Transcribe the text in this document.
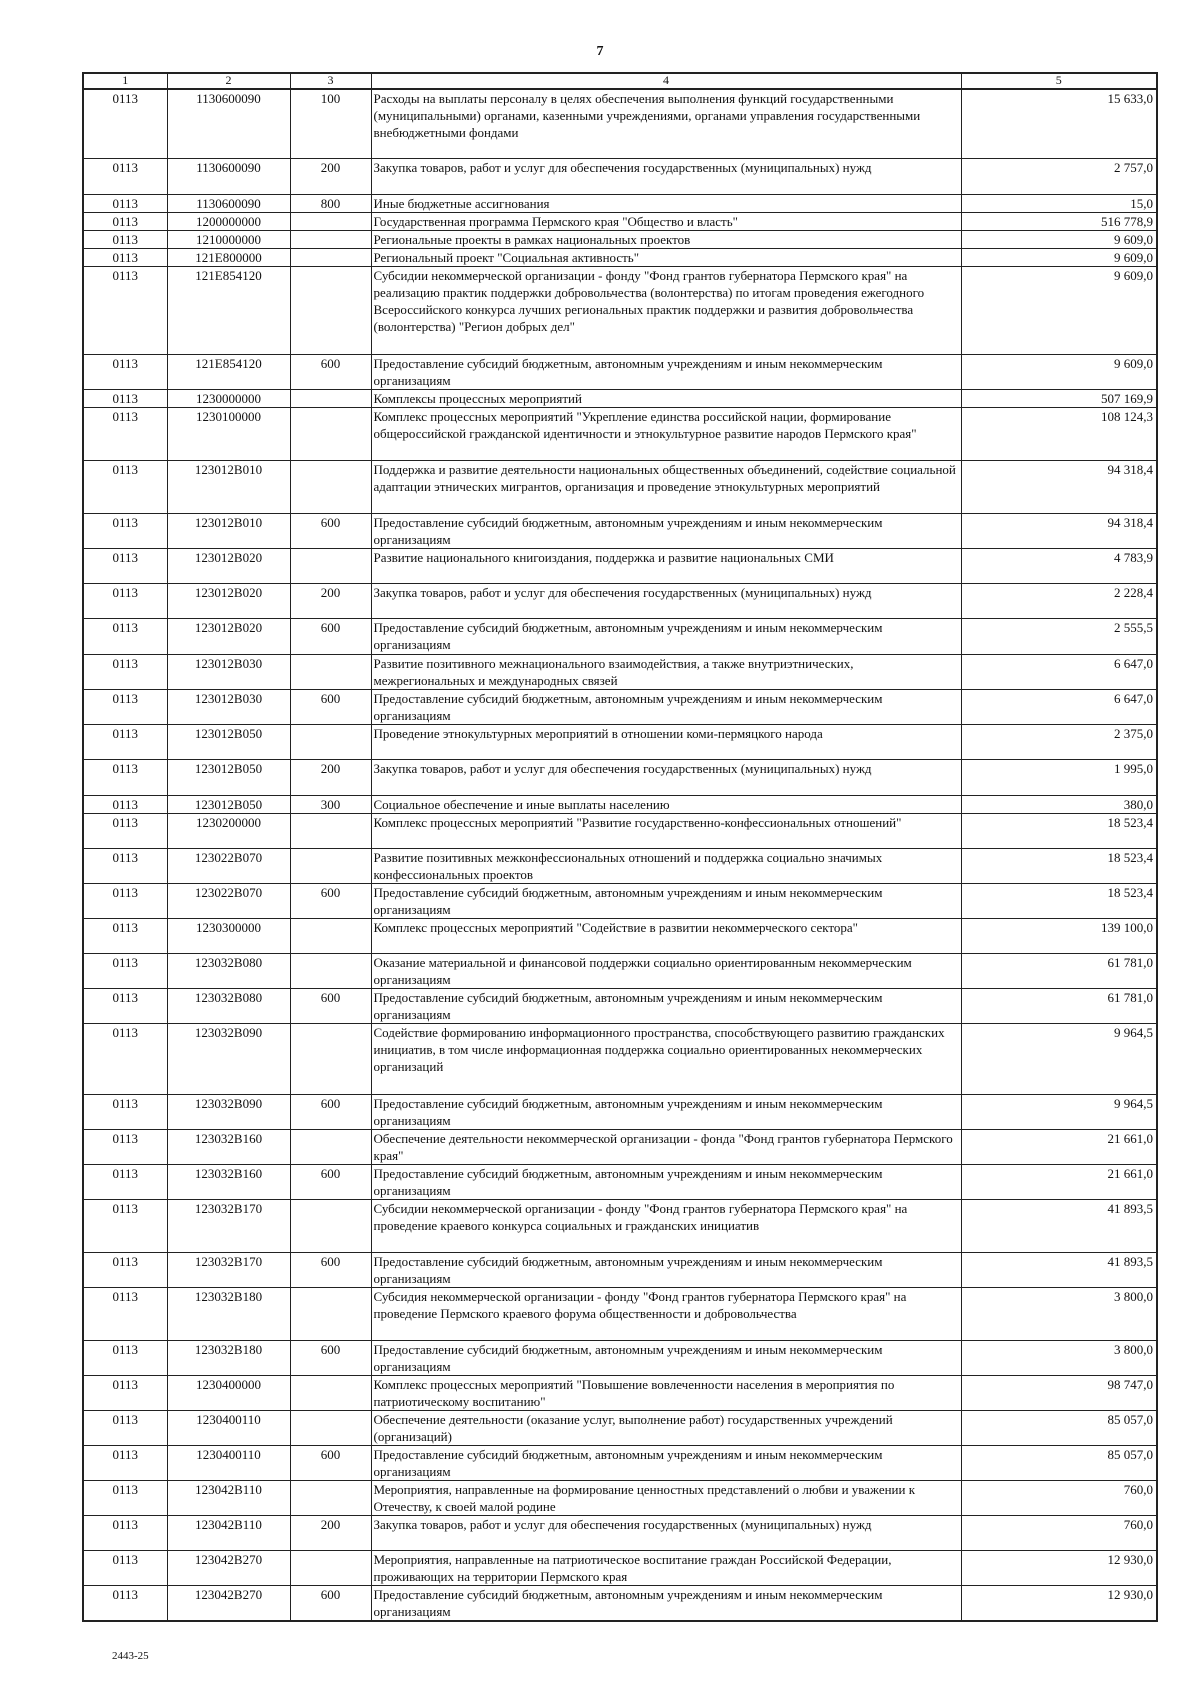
7
1	2	3	4	5
0113	1130600090	100	Расходы на выплаты персоналу в целях обеспечения выполнения функций государственными (муниципальными) органами, казенными учреждениями, органами управления государственными внебюджетными фондами	15 633,0
0113	1130600090	200	Закупка товаров, работ и услуг для обеспечения государственных (муниципальных) нужд	2 757,0
0113	1130600090	800	Иные бюджетные ассигнования	15,0
0113	1200000000		Государственная программа Пермского края "Общество и власть"	516 778,9
0113	1210000000		Региональные проекты в рамках национальных проектов	9 609,0
0113	121E800000		Региональный проект "Социальная активность"	9 609,0
0113	121E854120		Субсидии некоммерческой организации - фонду "Фонд грантов губернатора Пермского края" на реализацию практик поддержки добровольчества (волонтерства) по итогам проведения ежегодного Всероссийского конкурса лучших региональных практик поддержки и развития добровольчества (волонтерства) "Регион добрых дел"	9 609,0
0113	121E854120	600	Предоставление субсидий бюджетным, автономным учреждениям и иным некоммерческим организациям	9 609,0
0113	1230000000		Комплексы процессных мероприятий	507 169,9
0113	1230100000		Комплекс процессных мероприятий "Укрепление единства российской нации, формирование общероссийской гражданской идентичности и этнокультурное развитие народов Пермского края"	108 124,3
0113	123012В010		Поддержка и развитие деятельности национальных общественных объединений, содействие социальной адаптации этнических мигрантов, организация и проведение этнокультурных мероприятий	94 318,4
0113	123012В010	600	Предоставление субсидий бюджетным, автономным учреждениям и иным некоммерческим организациям	94 318,4
0113	123012В020		Развитие национального книгоиздания, поддержка и развитие национальных СМИ	4 783,9
0113	123012В020	200	Закупка товаров, работ и услуг для обеспечения государственных (муниципальных) нужд	2 228,4
0113	123012В020	600	Предоставление субсидий бюджетным, автономным учреждениям и иным некоммерческим организациям	2 555,5
0113	123012В030		Развитие позитивного межнационального взаимодействия, а также внутриэтнических, межрегиональных и международных связей	6 647,0
0113	123012В030	600	Предоставление субсидий бюджетным, автономным учреждениям и иным некоммерческим организациям	6 647,0
0113	123012В050		Проведение этнокультурных мероприятий в отношении коми-пермяцкого народа	2 375,0
0113	123012В050	200	Закупка товаров, работ и услуг для обеспечения государственных (муниципальных) нужд	1 995,0
0113	123012В050	300	Социальное обеспечение и иные выплаты населению	380,0
0113	1230200000		Комплекс процессных мероприятий "Развитие государственно-конфессиональных отношений"	18 523,4
0113	123022В070		Развитие позитивных межконфессиональных отношений и поддержка социально значимых конфессиональных проектов	18 523,4
0113	123022В070	600	Предоставление субсидий бюджетным, автономным учреждениям и иным некоммерческим организациям	18 523,4
0113	1230300000		Комплекс процессных мероприятий "Содействие в развитии некоммерческого сектора"	139 100,0
0113	123032В080		Оказание материальной и финансовой поддержки социально ориентированным некоммерческим организациям	61 781,0
0113	123032В080	600	Предоставление субсидий бюджетным, автономным учреждениям и иным некоммерческим организациям	61 781,0
0113	123032В090		Содействие формированию информационного пространства, способствующего развитию гражданских инициатив, в том числе информационная поддержка социально ориентированных некоммерческих организаций	9 964,5
0113	123032В090	600	Предоставление субсидий бюджетным, автономным учреждениям и иным некоммерческим организациям	9 964,5
0113	123032В160		Обеспечение деятельности некоммерческой организации - фонда "Фонд грантов губернатора Пермского края"	21 661,0
0113	123032В160	600	Предоставление субсидий бюджетным, автономным учреждениям и иным некоммерческим организациям	21 661,0
0113	123032В170		Субсидии некоммерческой организации - фонду "Фонд грантов губернатора Пермского края" на проведение краевого конкурса социальных и гражданских инициатив	41 893,5
0113	123032В170	600	Предоставление субсидий бюджетным, автономным учреждениям и иным некоммерческим организациям	41 893,5
0113	123032В180		Субсидия некоммерческой организации - фонду "Фонд грантов губернатора Пермского края" на проведение Пермского краевого форума общественности и добровольчества	3 800,0
0113	123032В180	600	Предоставление субсидий бюджетным, автономным учреждениям и иным некоммерческим организациям	3 800,0
0113	1230400000		Комплекс процессных мероприятий "Повышение вовлеченности населения в мероприятия по патриотическому воспитанию"	98 747,0
0113	1230400110		Обеспечение деятельности (оказание услуг, выполнение работ) государственных учреждений (организаций)	85 057,0
0113	1230400110	600	Предоставление субсидий бюджетным, автономным учреждениям и иным некоммерческим организациям	85 057,0
0113	123042В110		Мероприятия, направленные на формирование ценностных представлений о любви и уважении к Отечеству, к своей малой родине	760,0
0113	123042В110	200	Закупка товаров, работ и услуг для обеспечения государственных (муниципальных) нужд	760,0
0113	123042В270		Мероприятия, направленные на патриотическое воспитание граждан Российской Федерации, проживающих на территории Пермского края	12 930,0
0113	123042В270	600	Предоставление субсидий бюджетным, автономным учреждениям и иным некоммерческим организациям	12 930,0
2443-25
